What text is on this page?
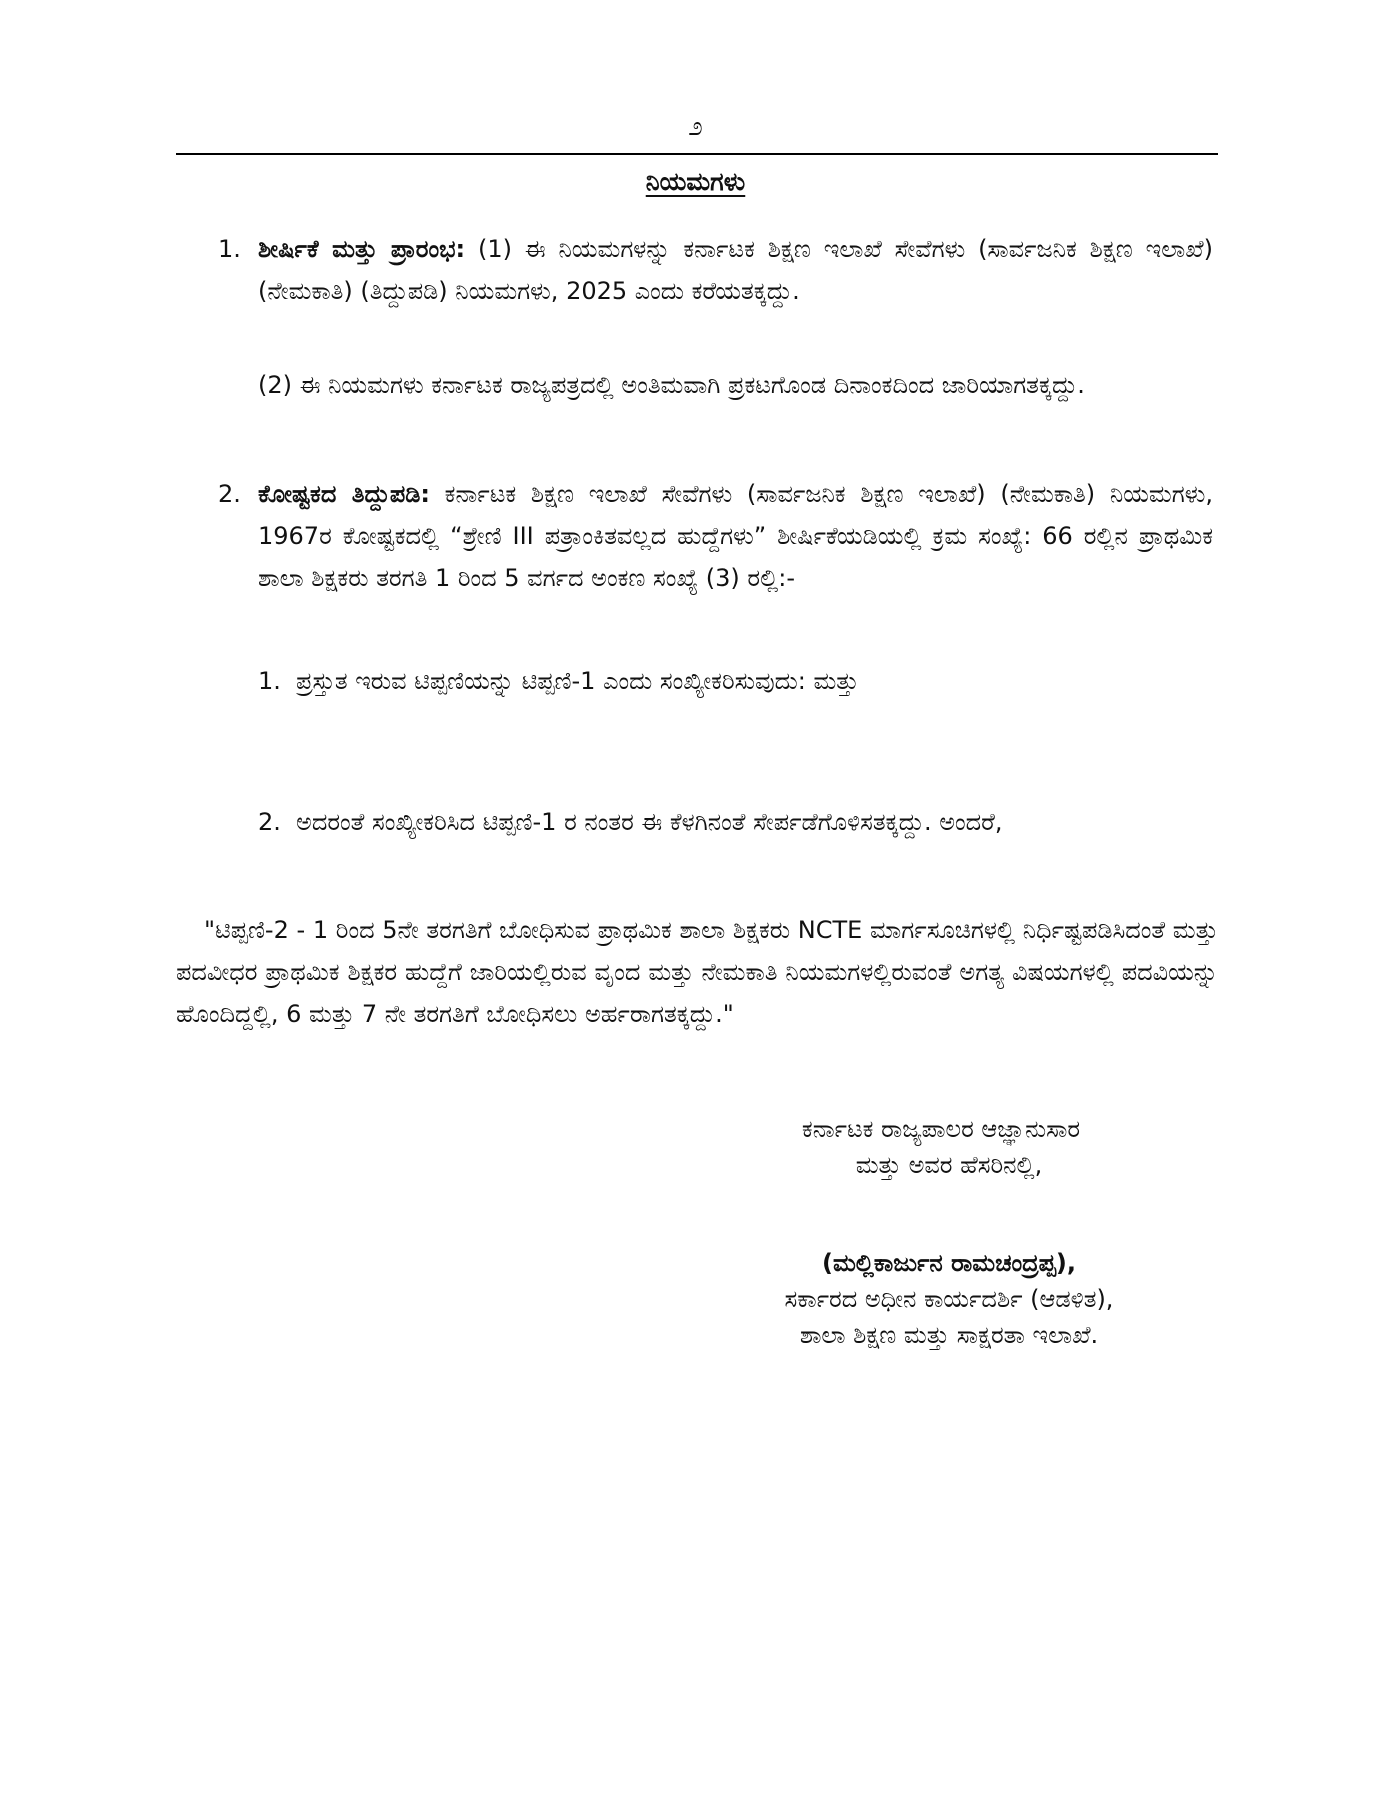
೨
ನಿಯಮಗಳು
1. ಶೀರ್ಷಿಕೆ ಮತ್ತು ಪ್ರಾರಂಭ: (1) ಈ ನಿಯಮಗಳನ್ನು ಕರ್ನಾಟಕ ಶಿಕ್ಷಣ ಇಲಾಖೆ ಸೇವೆಗಳು (ಸಾರ್ವಜನಿಕ ಶಿಕ್ಷಣ ಇಲಾಖೆ) (ನೇಮಕಾತಿ) (ತಿದ್ದುಪಡಿ) ನಿಯಮಗಳು, 2025 ಎಂದು ಕರೆಯತಕ್ಕದ್ದು.

(2) ಈ ನಿಯಮಗಳು ಕರ್ನಾಟಕ ರಾಜ್ಯಪತ್ರದಲ್ಲಿ ಅಂತಿಮವಾಗಿ ಪ್ರಕಟಗೊಂಡ ದಿನಾಂಕದಿಂದ ಜಾರಿಯಾಗತಕ್ಕದ್ದು.

2. ಕೋಷ್ಟಕದ ತಿದ್ದುಪಡಿ: ಕರ್ನಾಟಕ ಶಿಕ್ಷಣ ಇಲಾಖೆ ಸೇವೆಗಳು (ಸಾರ್ವಜನಿಕ ಶಿಕ್ಷಣ ಇಲಾಖೆ) (ನೇಮಕಾತಿ) ನಿಯಮಗಳು, 1967ರ ಕೋಷ್ಟಕದಲ್ಲಿ “ಶ್ರೇಣಿ III ಪತ್ರಾಂಕಿತವಲ್ಲದ ಹುದ್ದೆಗಳು” ಶೀರ್ಷಿಕೆಯಡಿಯಲ್ಲಿ ಕ್ರಮ ಸಂಖ್ಯೆ: 66 ರಲ್ಲಿನ ಪ್ರಾಥಮಿಕ ಶಾಲಾ ಶಿಕ್ಷಕರು ತರಗತಿ 1 ರಿಂದ 5 ವರ್ಗದ ಅಂಕಣ ಸಂಖ್ಯೆ (3) ರಲ್ಲಿ:-

1. ಪ್ರಸ್ತುತ ಇರುವ ಟಿಪ್ಪಣಿಯನ್ನು ಟಿಪ್ಪಣಿ-1 ಎಂದು ಸಂಖ್ಯೀಕರಿಸುವುದು: ಮತ್ತು

2. ಅದರಂತೆ ಸಂಖ್ಯೀಕರಿಸಿದ ಟಿಪ್ಪಣಿ-1 ರ ನಂತರ ಈ ಕೆಳಗಿನಂತೆ ಸೇರ್ಪಡೆಗೊಳಿಸತಕ್ಕದ್ದು. ಅಂದರೆ,

"ಟಿಪ್ಪಣಿ-2 - 1 ರಿಂದ 5ನೇ ತರಗತಿಗೆ ಬೋಧಿಸುವ ಪ್ರಾಥಮಿಕ ಶಾಲಾ ಶಿಕ್ಷಕರು NCTE ಮಾರ್ಗಸೂಚಿಗಳಲ್ಲಿ ನಿರ್ಧಿಷ್ಟಪಡಿಸಿದಂತೆ ಮತ್ತು ಪದವೀಧರ ಪ್ರಾಥಮಿಕ ಶಿಕ್ಷಕರ ಹುದ್ದೆಗೆ ಜಾರಿಯಲ್ಲಿರುವ ವೃಂದ ಮತ್ತು ನೇಮಕಾತಿ ನಿಯಮಗಳಲ್ಲಿರುವಂತೆ ಅಗತ್ಯ ವಿಷಯಗಳಲ್ಲಿ ಪದವಿಯನ್ನು ಹೊಂದಿದ್ದಲ್ಲಿ, 6 ಮತ್ತು 7 ನೇ ತರಗತಿಗೆ ಬೋಧಿಸಲು ಅರ್ಹರಾಗತಕ್ಕದ್ದು."

ಕರ್ನಾಟಕ ರಾಜ್ಯಪಾಲರ ಆಜ್ಞಾನುಸಾರ
ಮತ್ತು ಅವರ ಹೆಸರಿನಲ್ಲಿ,
(ಮಲ್ಲಿಕಾರ್ಜುನ ರಾಮಚಂದ್ರಪ್ಪ),
ಸರ್ಕಾರದ ಅಧೀನ ಕಾರ್ಯದರ್ಶಿ (ಆಡಳಿತ),
ಶಾಲಾ ಶಿಕ್ಷಣ ಮತ್ತು ಸಾಕ್ಷರತಾ ಇಲಾಖೆ.
